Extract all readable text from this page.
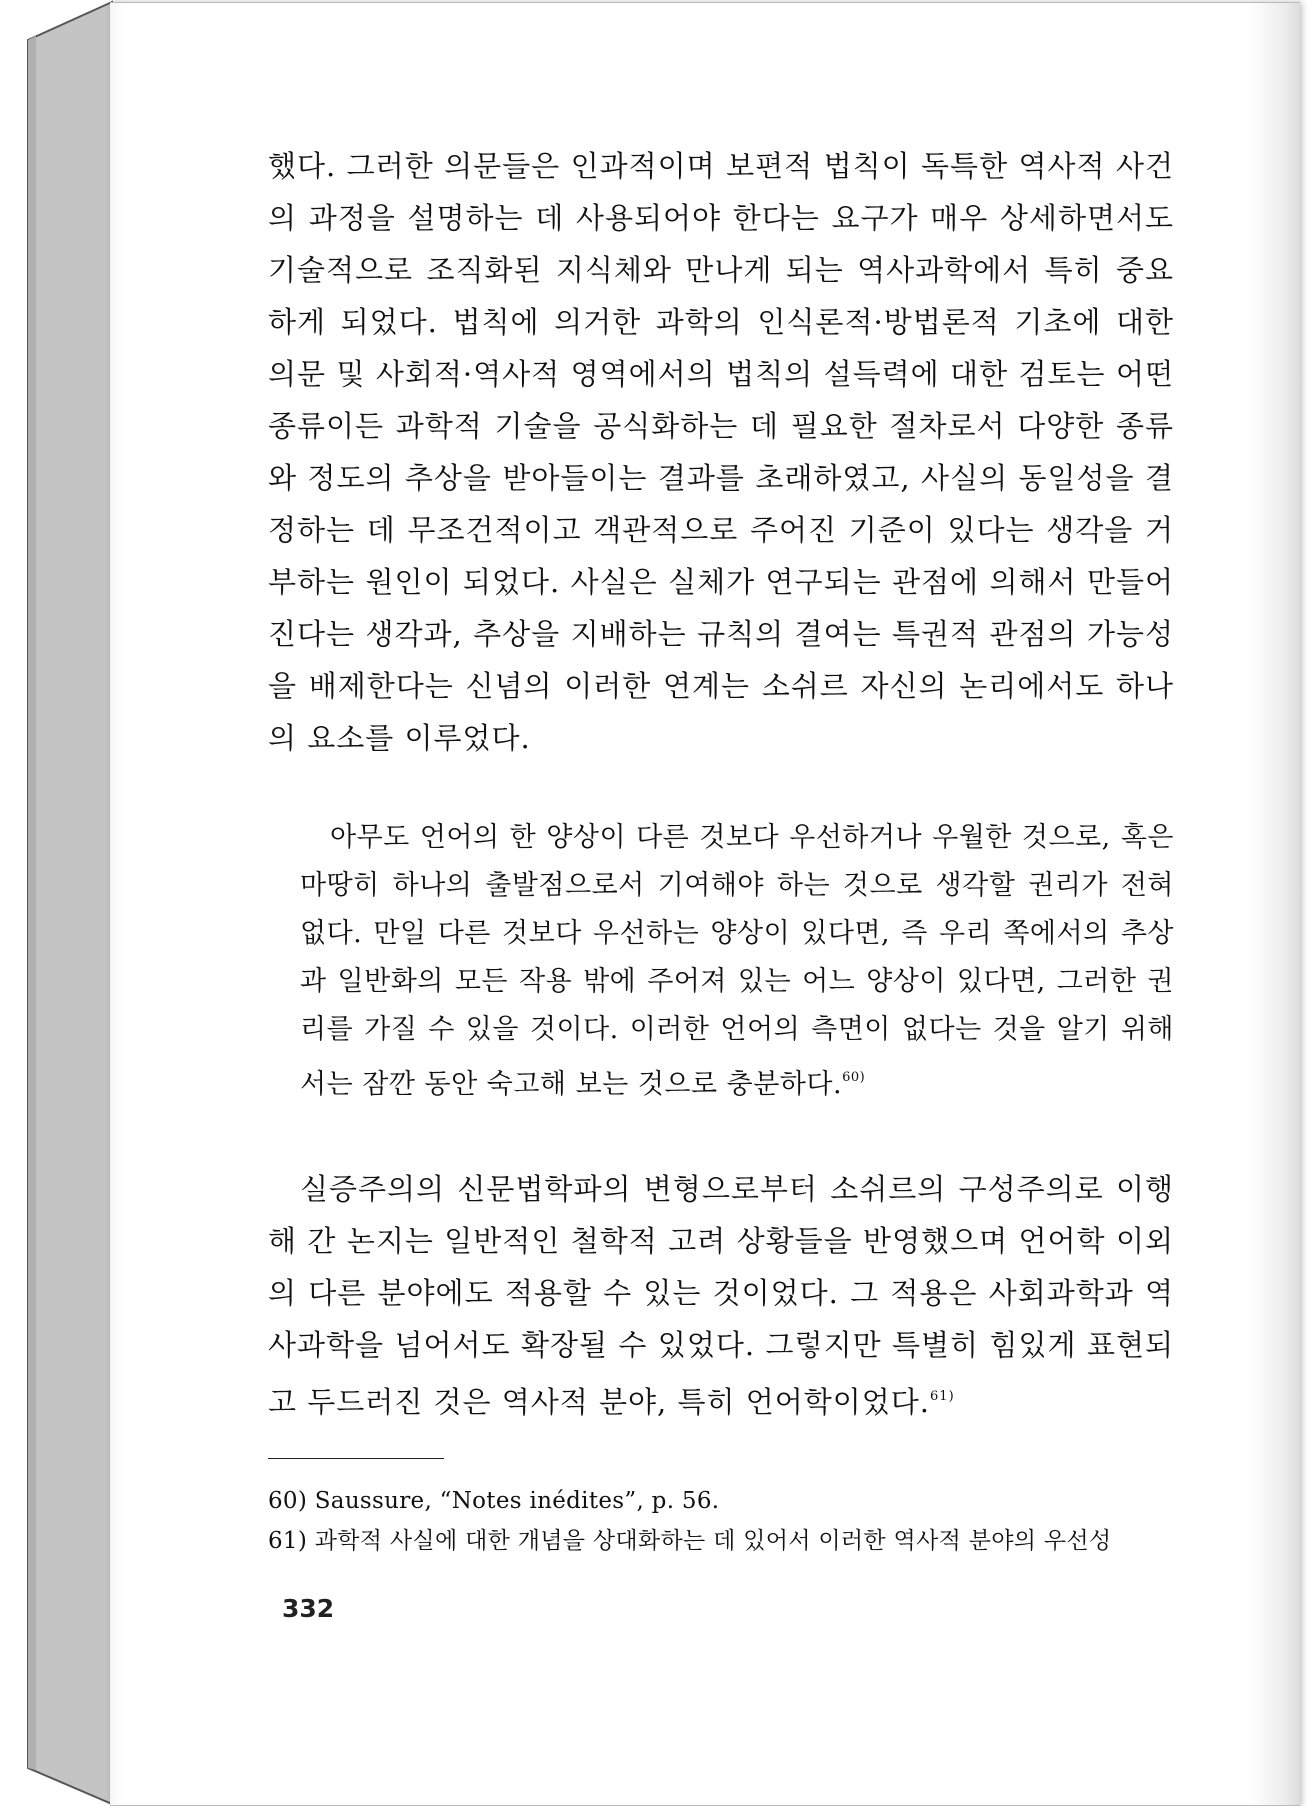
했다. 그러한 의문들은 인과적이며 보편적 법칙이 독특한 역사적 사건의 과정을 설명하는 데 사용되어야 한다는 요구가 매우 상세하면서도 기술적으로 조직화된 지식체와 만나게 되는 역사과학에서 특히 중요하게 되었다. 법칙에 의거한 과학의 인식론적·방법론적 기초에 대한 의문 및 사회적·역사적 영역에서의 법칙의 설득력에 대한 검토는 어떤 종류이든 과학적 기술을 공식화하는 데 필요한 절차로서 다양한 종류와 정도의 추상을 받아들이는 결과를 초래하였고, 사실의 동일성을 결정하는 데 무조건적이고 객관적으로 주어진 기준이 있다는 생각을 거부하는 원인이 되었다. 사실은 실체가 연구되는 관점에 의해서 만들어진다는 생각과, 추상을 지배하는 규칙의 결여는 특권적 관점의 가능성을 배제한다는 신념의 이러한 연계는 소쉬르 자신의 논리에서도 하나의 요소를 이루었다.

아무도 언어의 한 양상이 다른 것보다 우선하거나 우월한 것으로, 혹은 마땅히 하나의 출발점으로서 기여해야 하는 것으로 생각할 권리가 전혀 없다. 만일 다른 것보다 우선하는 양상이 있다면, 즉 우리 쪽에서의 추상과 일반화의 모든 작용 밖에 주어져 있는 어느 양상이 있다면, 그러한 권리를 가질 수 있을 것이다. 이러한 언어의 측면이 없다는 것을 알기 위해서는 잠깐 동안 숙고해 보는 것으로 충분하다.$^{60)}$

실증주의의 신문법학파의 변형으로부터 소쉬르의 구성주의로 이행해 간 논지는 일반적인 철학적 고려 상황들을 반영했으며 언어학 이외의 다른 분야에도 적용할 수 있는 것이었다. 그 적용은 사회과학과 역사과학을 넘어서도 확장될 수 있었다. 그렇지만 특별히 힘있게 표현되고 두드러진 것은 역사적 분야, 특히 언어학이었다.$^{61)}$

60) Saussure, “Notes inédites”, p. 56.

61) 과학적 사실에 대한 개념을 상대화하는 데 있어서 이러한 역사적 분야의 우선성

332
